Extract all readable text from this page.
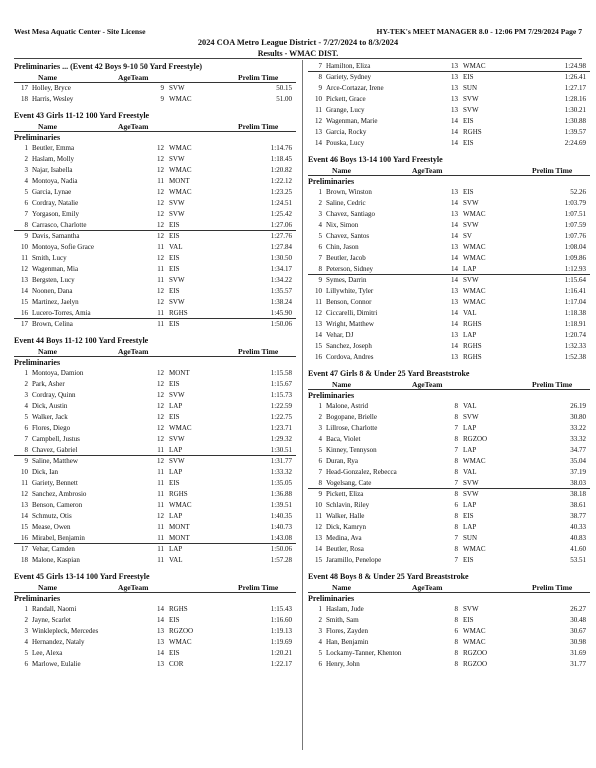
West Mesa Aquatic Center - Site License	HY-TEK's MEET MANAGER 8.0 - 12:06 PM 7/29/2024 Page 7
2024 COA Metro League District - 7/27/2024 to 8/3/2024
Results - WMAC DIST.
Preliminaries ... (Event 42 Boys 9-10 50 Yard Freestyle)
Name	AgeTeam	Prelim Time
17 Holley, Bryce	9 SVW	50.15
18 Harris, Wesley	9 WMAC	51.00
Event 43 Girls 11-12 100 Yard Freestyle
Name	AgeTeam	Prelim Time
Preliminaries
1 Beutler, Emma	12 WMAC	1:14.76
2 Haslam, Molly	12 SVW	1:18.45
3 Najar, Isabella	12 WMAC	1:20.82
4 Montoya, Nadia	11 MONT	1:22.12
5 Garcia, Lynae	12 WMAC	1:23.25
6 Cordray, Natalie	12 SVW	1:24.51
7 Yorgason, Emily	12 SVW	1:25.42
8 Carrasco, Charlotte	12 EIS	1:27.06
9 Davis, Samantha	12 EIS	1:27.76
10 Montoya, Sofie Grace	11 VAL	1:27.84
11 Smith, Lucy	12 EIS	1:30.50
12 Wagenman, Mia	11 EIS	1:34.17
13 Bergsten, Lucy	11 SVW	1:34.22
14 Noonen, Dana	12 EIS	1:35.57
15 Martinez, Jaelyn	12 SVW	1:38.24
16 Lucero-Torres, Amia	11 RGHS	1:45.90
17 Brown, Celina	11 EIS	1:50.06
Event 44 Boys 11-12 100 Yard Freestyle
Name	AgeTeam	Prelim Time
Preliminaries
1 Montoya, Damion	12 MONT	1:15.58
2 Park, Asher	12 EIS	1:15.67
3 Cordray, Quinn	12 SVW	1:15.73
4 Dick, Austin	12 LAP	1:22.59
5 Walker, Jack	12 EIS	1:22.75
6 Flores, Diego	12 WMAC	1:23.71
7 Campbell, Justus	12 SVW	1:29.32
8 Chavez, Gabriel	11 LAP	1:30.51
9 Saline, Matthew	12 SVW	1:31.77
10 Dick, Ian	11 LAP	1:33.32
11 Gariety, Bennett	11 EIS	1:35.05
12 Sanchez, Ambrosio	11 RGHS	1:36.88
13 Benson, Cameron	11 WMAC	1:39.51
14 Schmutz, Otis	12 LAP	1:40.35
15 Mease, Owen	11 MONT	1:40.73
16 Mirabel, Benjamin	11 MONT	1:43.08
17 Vehar, Camden	11 LAP	1:50.06
18 Malone, Kaspian	11 VAL	1:57.28
Event 45 Girls 13-14 100 Yard Freestyle
Name	AgeTeam	Prelim Time
Preliminaries
1 Randall, Naomi	14 RGHS	1:15.43
2 Jayne, Scarlet	14 EIS	1:16.60
3 Winklepleck, Mercedes	13 RGZOO	1:19.13
4 Hernandez, Nataly	13 WMAC	1:19.69
5 Lee, Alexa	14 EIS	1:20.21
6 Marlowe, Eulalie	13 COR	1:22.17
7 Hamilton, Eliza	13 WMAC	1:24.98
8 Gariety, Sydney	13 EIS	1:26.41
9 Arce-Cortazar, Irene	13 SUN	1:27.17
10 Pickett, Grace	13 SVW	1:28.16
11 Grange, Lucy	13 SVW	1:30.21
12 Wagenman, Marie	14 EIS	1:30.88
13 Garcia, Rocky	14 RGHS	1:39.57
14 Pouska, Lucy	14 EIS	2:24.69
Event 46 Boys 13-14 100 Yard Freestyle
Name	AgeTeam	Prelim Time
Preliminaries
1 Brown, Winston	13 EIS	52.26
2 Saline, Cedric	14 SVW	1:03.79
3 Chavez, Santiago	13 WMAC	1:07.51
4 Nix, Simon	14 SVW	1:07.59
5 Chavez, Santos	14 SV	1:07.76
6 Chin, Jason	13 WMAC	1:08.04
7 Beutler, Jacob	14 WMAC	1:09.86
8 Peterson, Sidney	14 LAP	1:12.93
9 Symes, Darrin	14 SVW	1:15.64
10 Lillywhite, Tyler	13 WMAC	1:16.41
11 Benson, Connor	13 WMAC	1:17.04
12 Ciccarelli, Dimitri	14 VAL	1:18.38
13 Wright, Matthew	14 RGHS	1:18.91
14 Vehar, DJ	13 LAP	1:20.74
15 Sanchez, Joseph	14 RGHS	1:32.33
16 Cordova, Andres	13 RGHS	1:52.38
Event 47 Girls 8 & Under 25 Yard Breaststroke
Name	AgeTeam	Prelim Time
Preliminaries
1 Malone, Astrid	8 VAL	26.19
2 Bogopane, Brielle	8 SVW	30.80
3 Lillrose, Charlotte	7 LAP	33.22
4 Baca, Violet	8 RGZOO	33.32
5 Kinney, Tennyson	7 LAP	34.77
6 Duran, Rya	8 WMAC	35.04
7 Head-Gonzalez, Rebecca	8 VAL	37.19
8 Vogelsang, Cate	7 SVW	38.03
9 Pickett, Eliza	8 SVW	38.18
10 Schlavin, Riley	6 LAP	38.61
11 Walker, Halle	8 EIS	38.77
12 Dick, Kamryn	8 LAP	40.33
13 Medina, Ava	7 SUN	40.83
14 Beutler, Rosa	8 WMAC	41.60
15 Jaramillo, Penelope	7 EIS	53.51
Event 48 Boys 8 & Under 25 Yard Breaststroke
Name	AgeTeam	Prelim Time
Preliminaries
1 Haslam, Jude	8 SVW	26.27
2 Smith, Sam	8 EIS	30.48
3 Flores, Zayden	6 WMAC	30.67
4 Han, Benjamin	8 WMAC	30.98
5 Lockamy-Tanner, Khenton	8 RGZOO	31.69
6 Henry, John	8 RGZOO	31.77
